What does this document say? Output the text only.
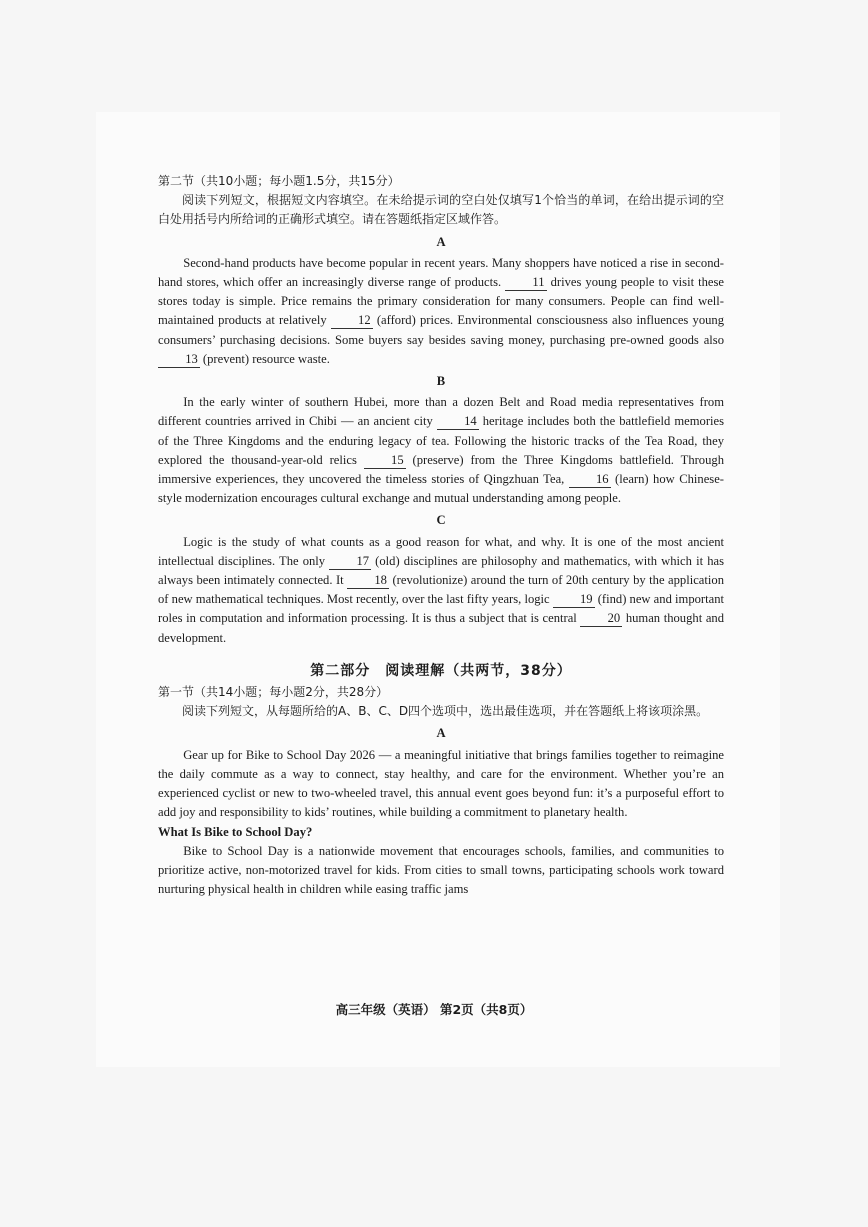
第二节（共10小题；每小题1.5分，共15分）

阅读下列短文，根据短文内容填空。在未给提示词的空白处仅填写1个恰当的单词，在给出提示词的空白处用括号内所给词的正确形式填空。请在答题纸指定区域作答。

A

Second-hand products have become popular in recent years. Many shoppers have noticed a rise in second-hand stores, which offer an increasingly diverse range of products. 11 drives young people to visit these stores today is simple. Price remains the primary consideration for many consumers. People can find well-maintained products at relatively 12 (afford) prices. Environmental consciousness also influences young consumers’ purchasing decisions. Some buyers say besides saving money, purchasing pre-owned goods also 13 (prevent) resource waste.

B

In the early winter of southern Hubei, more than a dozen Belt and Road media representatives from different countries arrived in Chibi — an ancient city 14 heritage includes both the battlefield memories of the Three Kingdoms and the enduring legacy of tea. Following the historic tracks of the Tea Road, they explored the thousand-year-old relics 15 (preserve) from the Three Kingdoms battlefield. Through immersive experiences, they uncovered the timeless stories of Qingzhuan Tea, 16 (learn) how Chinese-style modernization encourages cultural exchange and mutual understanding among people.

C

Logic is the study of what counts as a good reason for what, and why. It is one of the most ancient intellectual disciplines. The only 17 (old) disciplines are philosophy and mathematics, with which it has always been intimately connected. It 18 (revolutionize) around the turn of 20th century by the application of new mathematical techniques. Most recently, over the last fifty years, logic 19 (find) new and important roles in computation and information processing. It is thus a subject that is central 20 human thought and development.

第二部分　阅读理解（共两节，38分）

第一节（共14小题；每小题2分，共28分）

阅读下列短文，从每题所给的A、B、C、D四个选项中，选出最佳选项，并在答题纸上将该项涂黑。

A

Gear up for Bike to School Day 2026 — a meaningful initiative that brings families together to reimagine the daily commute as a way to connect, stay healthy, and care for the environment. Whether you’re an experienced cyclist or new to two-wheeled travel, this annual event goes beyond fun: it’s a purposeful effort to add joy and responsibility to kids’ routines, while building a commitment to planetary health.

What Is Bike to School Day?

Bike to School Day is a nationwide movement that encourages schools, families, and communities to prioritize active, non-motorized travel for kids. From cities to small towns, participating schools work toward nurturing physical health in children while easing traffic jams

高三年级（英语） 第2页（共8页）
